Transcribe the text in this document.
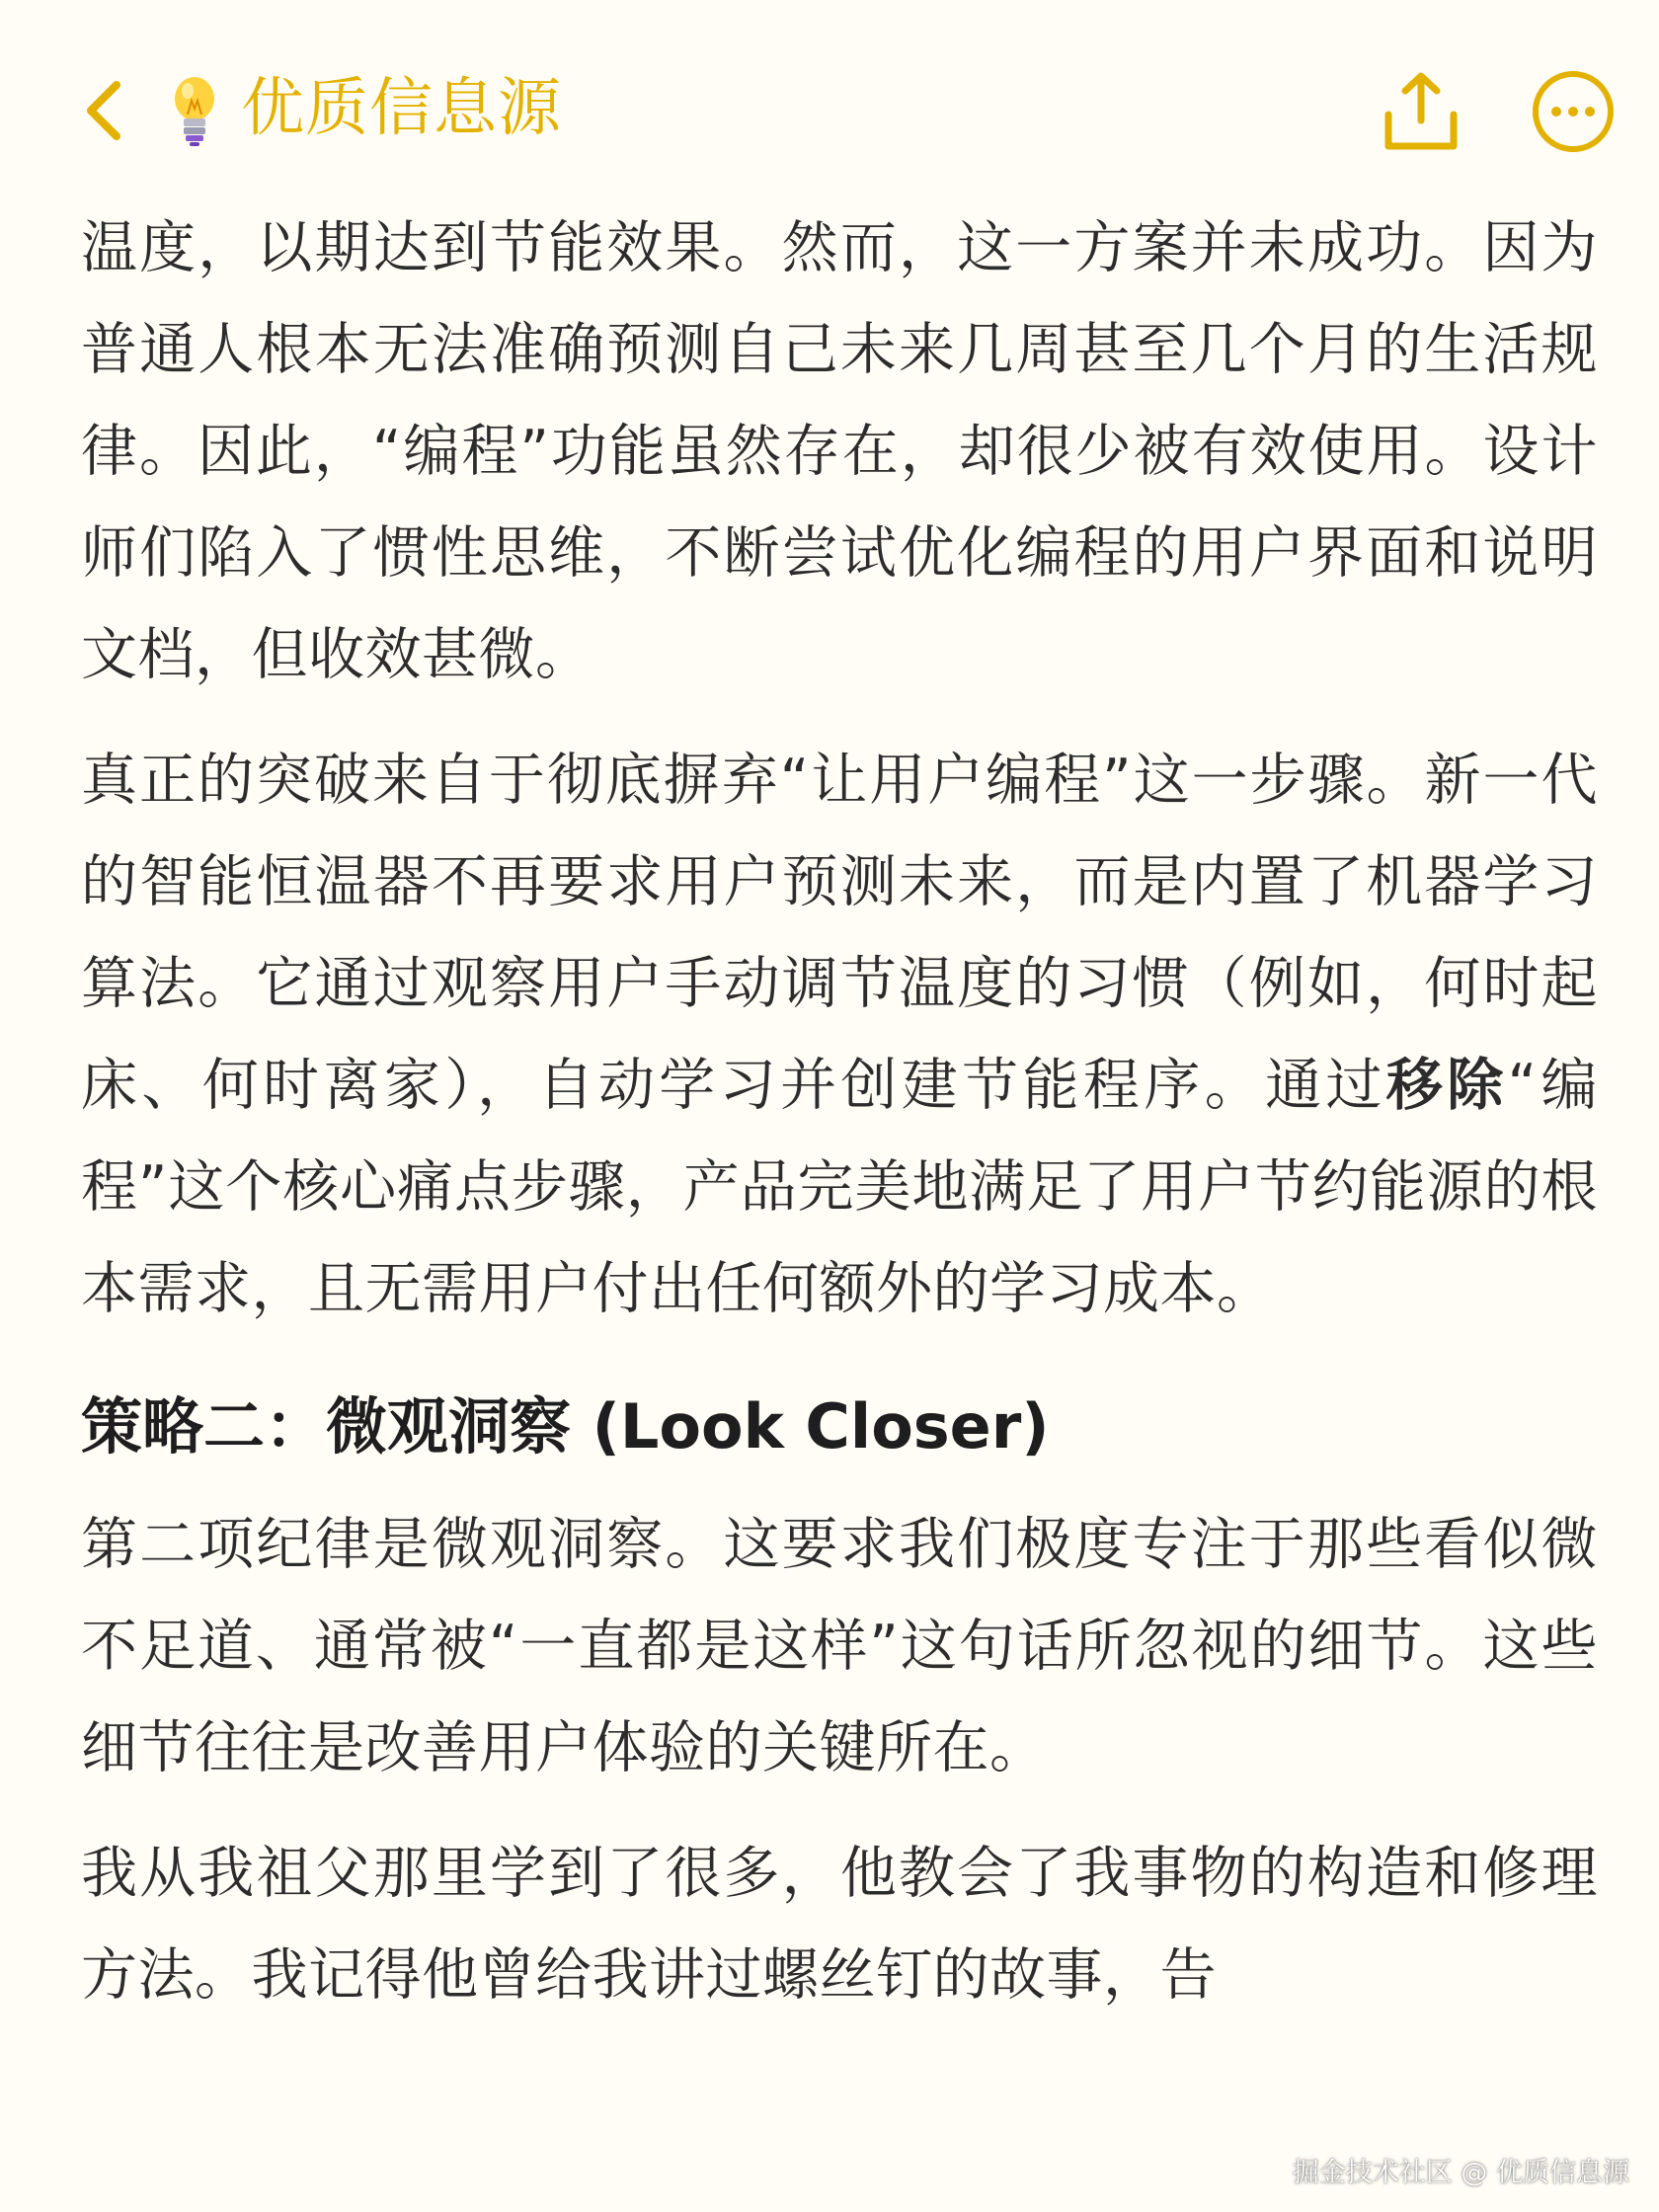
优质信息源

温度，以期达到节能效果。然而，这一方案并未成功。因为普通人根本无法准确预测自己未来几周甚至几个月的生活规律。因此，“编程”功能虽然存在，却很少被有效使用。设计师们陷入了惯性思维，不断尝试优化编程的用户界面和说明文档，但收效甚微。

真正的突破来自于彻底摒弃“让用户编程”这一步骤。新一代的智能恒温器不再要求用户预测未来，而是内置了机器学习算法。它通过观察用户手动调节温度的习惯（例如，何时起床、何时离家），自动学习并创建节能程序。通过移除“编程”这个核心痛点步骤，产品完美地满足了用户节约能源的根本需求，且无需用户付出任何额外的学习成本。

策略二：微观洞察 (Look Closer)

第二项纪律是微观洞察。这要求我们极度专注于那些看似微不足道、通常被“一直都是这样”这句话所忽视的细节。这些细节往往是改善用户体验的关键所在。

我从我祖父那里学到了很多，他教会了我事物的构造和修理方法。我记得他曾给我讲过螺丝钉的故事，告

掘金技术社区 @ 优质信息源
